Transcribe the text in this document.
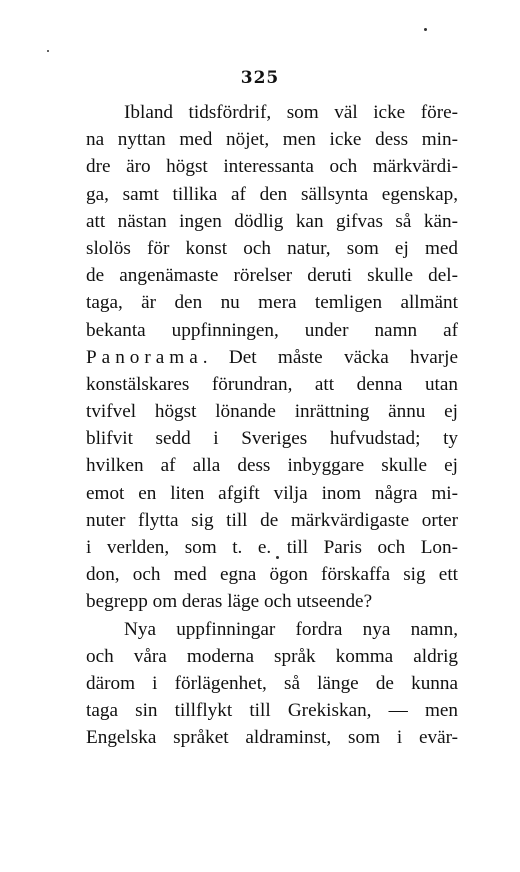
325
Ibland tidsfördrif, som väl icke före-
na nyttan med nöjet, men icke dess min-
dre äro högst interessanta och märkvärdi-
ga, samt tillika af den sällsynta egenskap,
att nästan ingen dödlig kan gifvas så kän-
slolös för konst och natur, som ej med
de angenämaste rörelser deruti skulle del-
taga, är den nu mera temligen allmänt
bekanta uppfinningen, under namn af
Panorama. Det måste väcka hvarje
konstälskares förundran, att denna utan
tvifvel högst lönande inrättning ännu ej
blifvit sedd i Sveriges hufvudstad; ty
hvilken af alla dess inbyggare skulle ej
emot en liten afgift vilja inom några mi-
nuter flytta sig till de märkvärdigaste orter
i verlden, som t. e. till Paris och Lon-
don, och med egna ögon förskaffa sig ett
begrepp om deras läge och utseende?
Nya uppfinningar fordra nya namn,
och våra moderna språk komma aldrig
därom i förlägenhet, så länge de kunna
taga sin tillflykt till Grekiskan, — men
Engelska språket aldraminst, som i evär-
